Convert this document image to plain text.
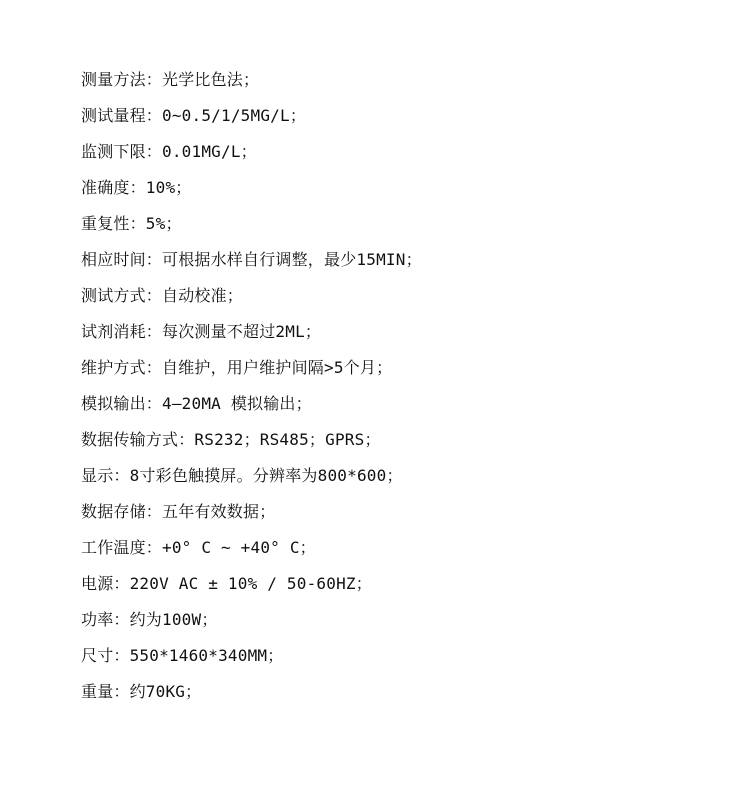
测量方法：光学比色法；
测试量程：0~0.5/1/5MG/L；
监测下限：0.01MG/L；
准确度：10%；
重复性：5%；
相应时间：可根据水样自行调整，最少15MIN；
测试方式：自动校准；
试剂消耗：每次测量不超过2ML；
维护方式：自维护，用户维护间隔>5个月；
模拟输出：4—20MA 模拟输出；
数据传输方式：RS232；RS485；GPRS；
显示：8寸彩色触摸屏。分辨率为800*600；
数据存储：五年有效数据；
工作温度：+0° C ~ +40° C；
电源：220V AC ± 10% / 50-60HZ；
功率：约为100W；
尺寸：550*1460*340MM；
重量：约70KG；
